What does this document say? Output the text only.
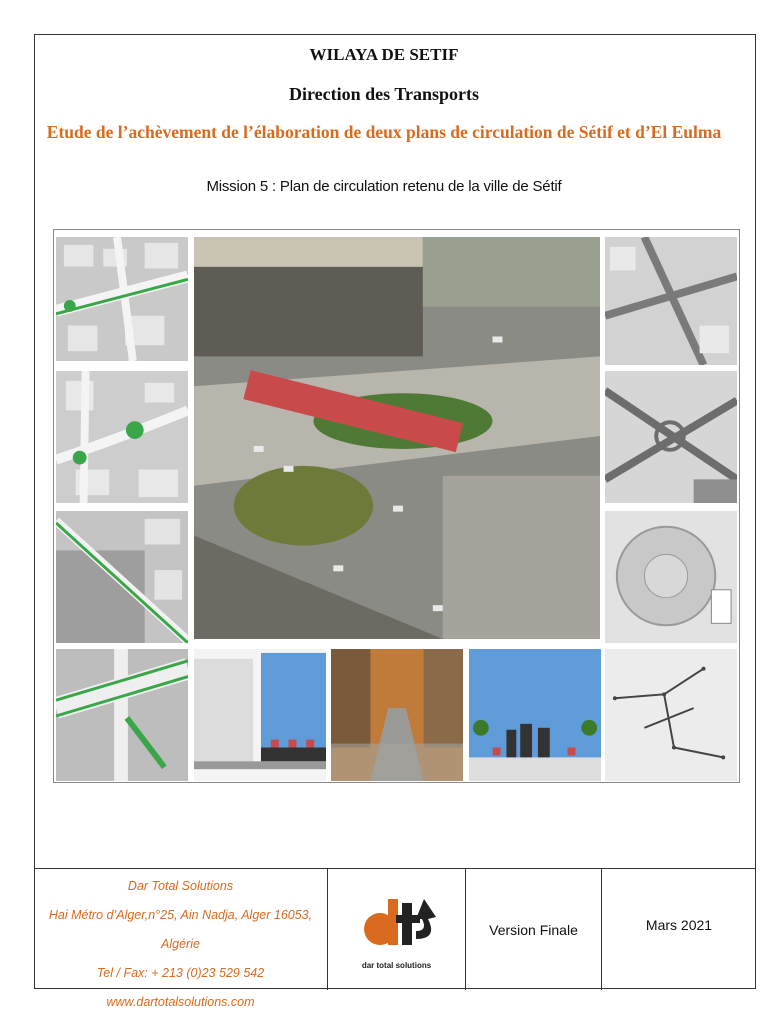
WILAYA DE SETIF
Direction des Transports
Etude de l’achèvement de l’élaboration de deux plans de circulation de Sétif et d’El Eulma
Mission 5 : Plan de circulation retenu de la ville de Sétif
Dar Total Solutions
Hai Métro d’Alger,n°25, Ain Nadja, Alger 16053, Algérie
Tel / Fax: + 213 (0)23 529 542
www.dartotalsolutions.com
dar total solutions
Version Finale	Mars 2021
